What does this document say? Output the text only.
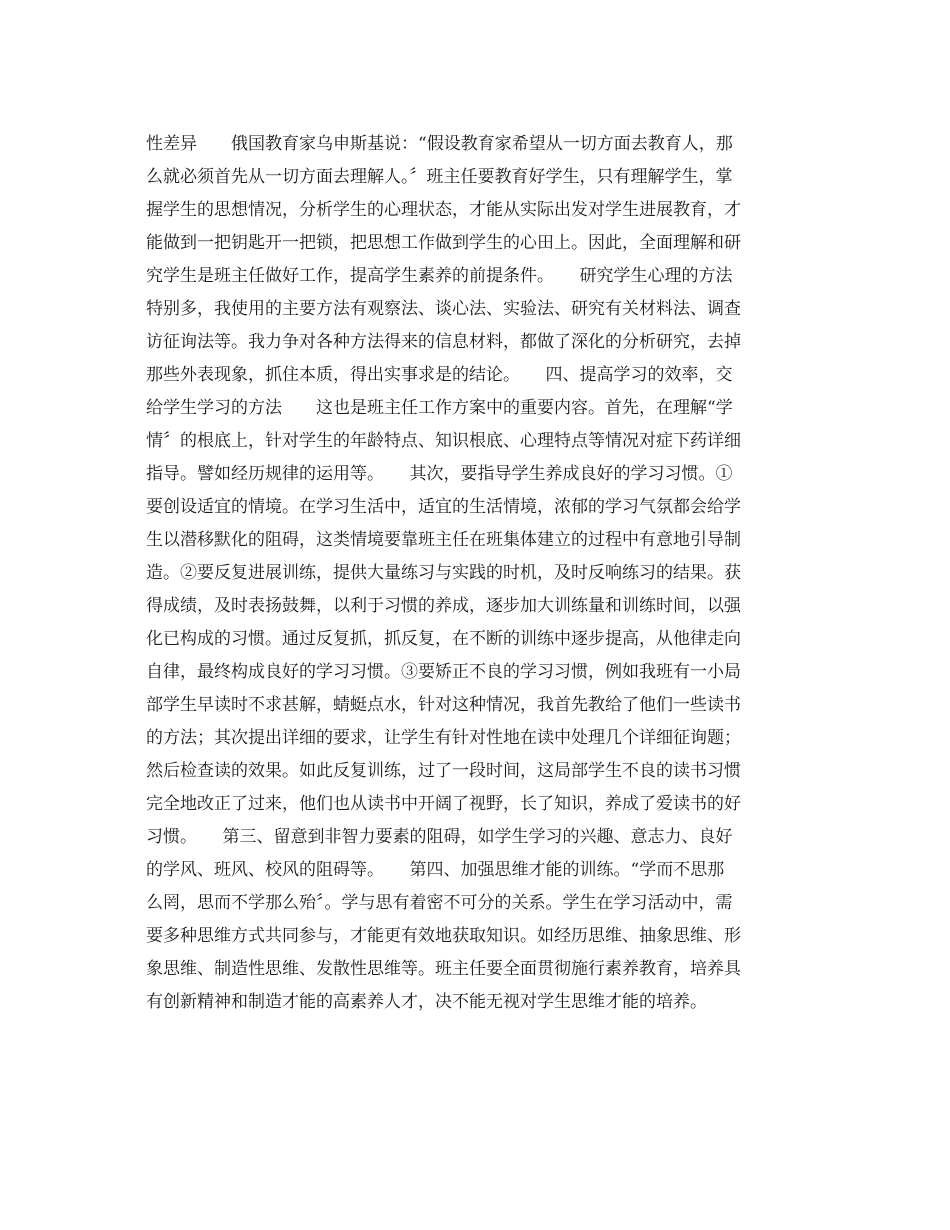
性差异　　俄国教育家乌申斯基说：“假设教育家希望从一切方面去教育人，那
么就必须首先从一切方面去理解人。〞班主任要教育好学生，只有理解学生，掌
握学生的思想情况，分析学生的心理状态，才能从实际出发对学生进展教育，才
能做到一把钥匙开一把锁，把思想工作做到学生的心田上。因此，全面理解和研
究学生是班主任做好工作，提高学生素养的前提条件。　　研究学生心理的方法
特别多，我使用的主要方法有观察法、谈心法、实验法、研究有关材料法、调查
访征询法等。我力争对各种方法得来的信息材料，都做了深化的分析研究，去掉
那些外表现象，抓住本质，得出实事求是的结论。　　四、提高学习的效率，交
给学生学习的方法　　这也是班主任工作方案中的重要内容。首先，在理解“学
情〞的根底上，针对学生的年龄特点、知识根底、心理特点等情况对症下药详细
指导。譬如经历规律的运用等。　　其次，要指导学生养成良好的学习习惯。①
要创设适宜的情境。在学习生活中，适宜的生活情境，浓郁的学习气氛都会给学
生以潜移默化的阻碍，这类情境要靠班主任在班集体建立的过程中有意地引导制
造。②要反复进展训练，提供大量练习与实践的时机，及时反响练习的结果。获
得成绩，及时表扬鼓舞，以利于习惯的养成，逐步加大训练量和训练时间，以强
化已构成的习惯。通过反复抓，抓反复，在不断的训练中逐步提高，从他律走向
自律，最终构成良好的学习习惯。③要矫正不良的学习习惯，例如我班有一小局
部学生早读时不求甚解，蜻蜓点水，针对这种情况，我首先教给了他们一些读书
的方法；其次提出详细的要求，让学生有针对性地在读中处理几个详细征询题；
然后检查读的效果。如此反复训练，过了一段时间，这局部学生不良的读书习惯
完全地改正了过来，他们也从读书中开阔了视野，长了知识，养成了爱读书的好
习惯。　　第三、留意到非智力要素的阻碍，如学生学习的兴趣、意志力、良好
的学风、班风、校风的阻碍等。　　第四、加强思维才能的训练。“学而不思那
么罔，思而不学那么殆〞。学与思有着密不可分的关系。学生在学习活动中，需
要多种思维方式共同参与，才能更有效地获取知识。如经历思维、抽象思维、形
象思维、制造性思维、发散性思维等。班主任要全面贯彻施行素养教育，培养具
有创新精神和制造才能的高素养人才，决不能无视对学生思维才能的培养。
